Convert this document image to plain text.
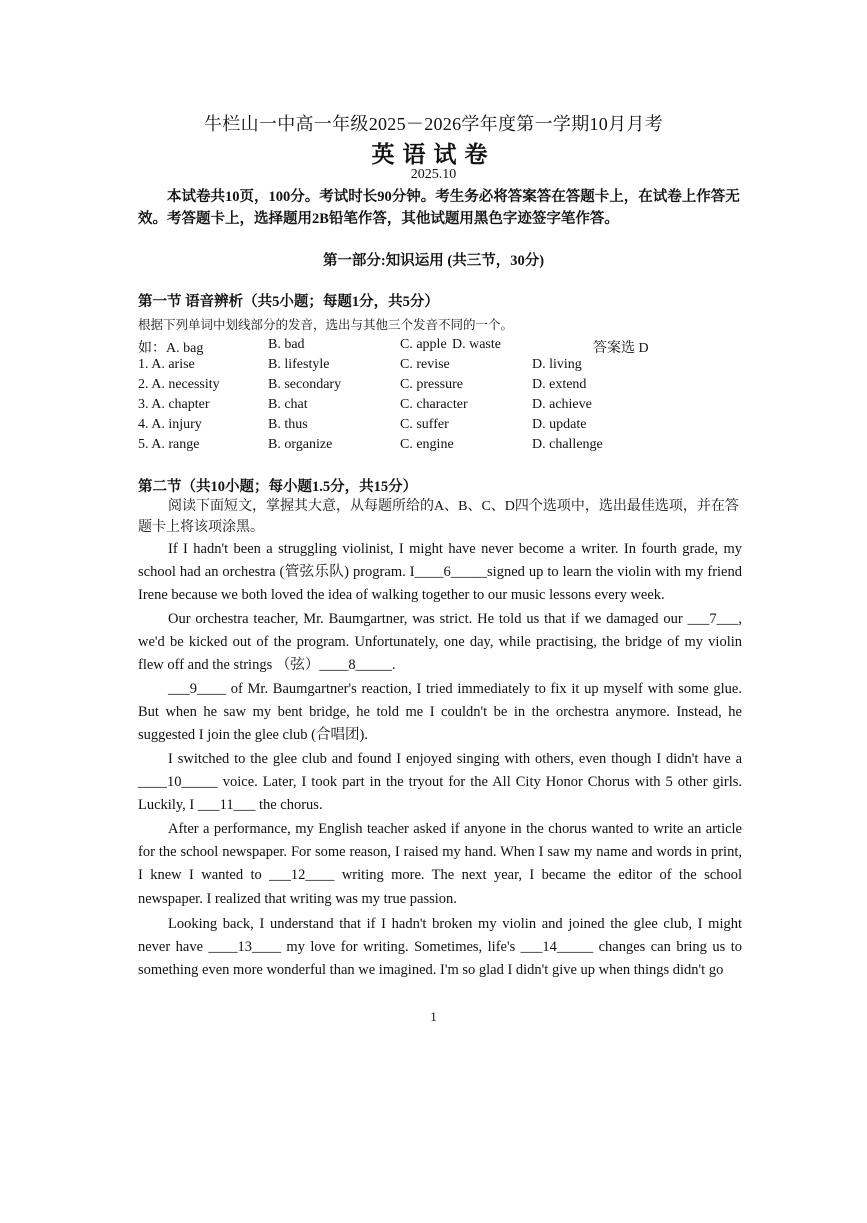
牛栏山一中高一年级2025－2026学年度第一学期10月月考
英语试卷
2025.10
本试卷共10页，100分。考试时长90分钟。考生务必将答案答在答题卡上，在试卷上作答无效。考答题卡上，选择题用2B铅笔作答，其他试题用黑色字迹签字笔作答。
第一部分:知识运用 (共三节，30分)
第一节 语音辨析（共5小题；每题1分，共5分）
根据下列单词中划线部分的发音，选出与其他三个发音不同的一个。
如：A. bag	B. bad	C. apple D. waste	答案选 D
1. A. arise	B. lifestyle	C. revise	D. living
2. A. necessity	B. secondary	C. pressure	D. extend
3. A. chapter	B. chat	C. character	D. achieve
4. A. injury	B. thus	C. suffer	D. update
5. A. range	B. organize	C. engine	D. challenge
第二节（共10小题；每小题1.5分，共15分）
阅读下面短文，掌握其大意，从每题所给的A、B、C、D四个选项中，选出最佳选项，并在答题卡上将该项涂黑。

If I hadn't been a struggling violinist, I might have never become a writer. In fourth grade, my school had an orchestra (管弦乐队) program. I____6_____signed up to learn the violin with my friend Irene because we both loved the idea of walking together to our music lessons every week.

Our orchestra teacher, Mr. Baumgartner, was strict. He told us that if we damaged our ___7___, we'd be kicked out of the program. Unfortunately, one day, while practising, the bridge of my violin flew off and the strings （弦）____8_____.

___9____ of Mr. Baumgartner's reaction, I tried immediately to fix it up myself with some glue. But when he saw my bent bridge, he told me I couldn't be in the orchestra anymore. Instead, he suggested I join the glee club (合唱团).

I switched to the glee club and found I enjoyed singing with others, even though I didn't have a ____10_____ voice. Later, I took part in the tryout for the All City Honor Chorus with 5 other girls. Luckily, I ___11___ the chorus.

After a performance, my English teacher asked if anyone in the chorus wanted to write an article for the school newspaper. For some reason, I raised my hand. When I saw my name and words in print, I knew I wanted to ___12____ writing more. The next year, I became the editor of the school newspaper. I realized that writing was my true passion.

Looking back, I understand that if I hadn't broken my violin and joined the glee club, I might never have ____13____ my love for writing. Sometimes, life's ___14_____ changes can bring us to something even more wonderful than we imagined. I'm so glad I didn't give up when things didn't go

1
